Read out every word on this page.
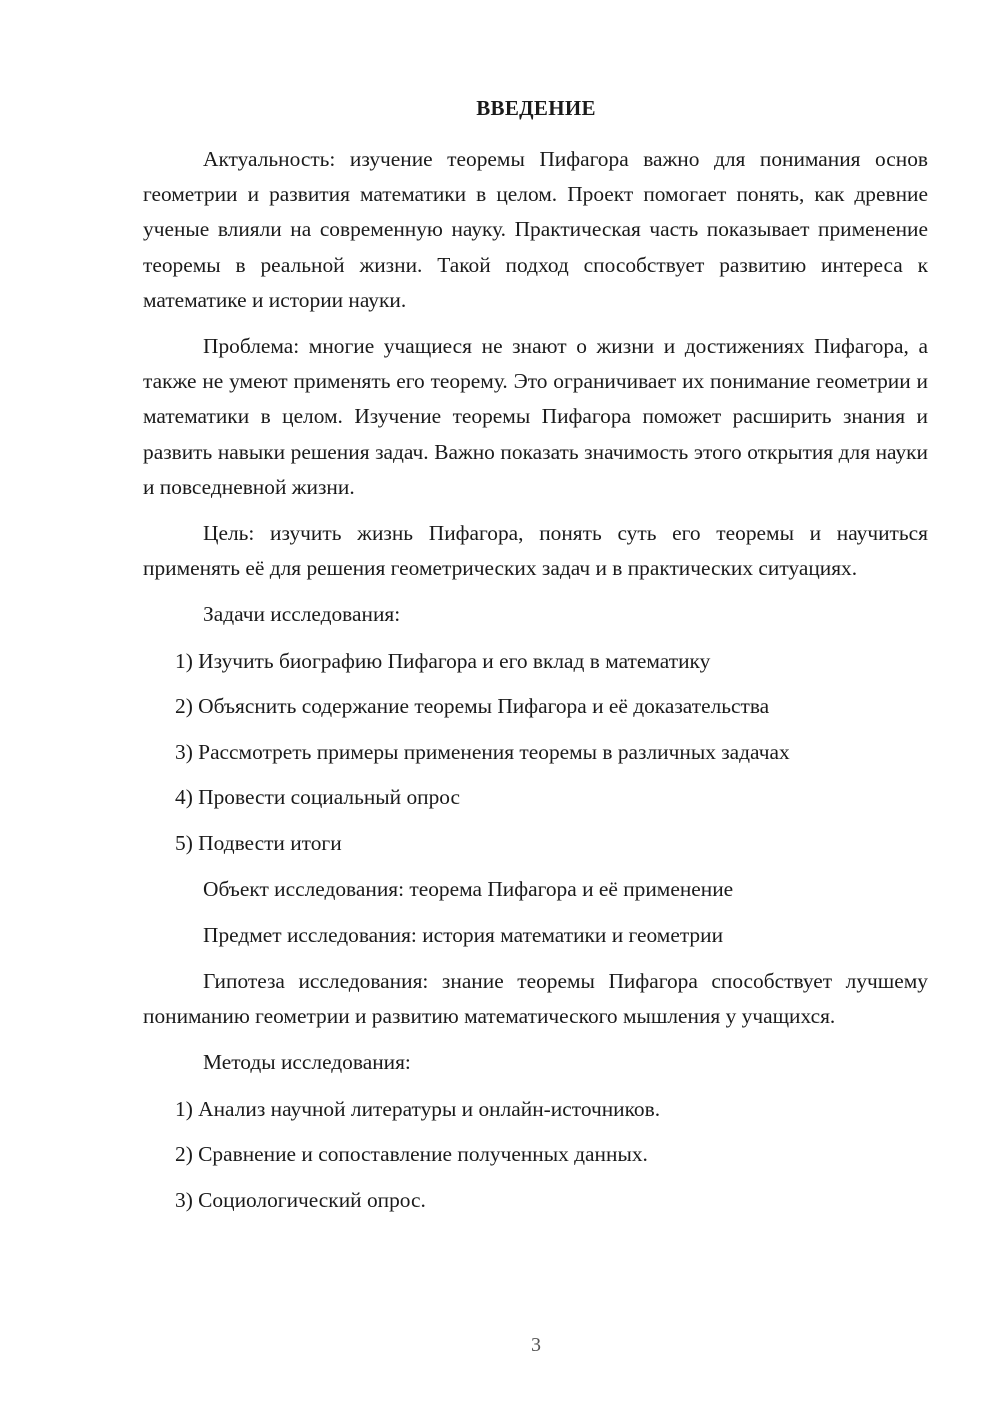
ВВЕДЕНИЕ

Актуальность: изучение теоремы Пифагора важно для понимания основ геометрии и развития математики в целом. Проект помогает понять, как древние ученые влияли на современную науку. Практическая часть показывает применение теоремы в реальной жизни. Такой подход способствует развитию интереса к математике и истории науки.

Проблема: многие учащиеся не знают о жизни и достижениях Пифагора, а также не умеют применять его теорему. Это ограничивает их понимание геометрии и математики в целом. Изучение теоремы Пифагора поможет расширить знания и развить навыки решения задач. Важно показать значимость этого открытия для науки и повседневной жизни.

Цель: изучить жизнь Пифагора, понять суть его теоремы и научиться применять её для решения геометрических задач и в практических ситуациях.

Задачи исследования:

1) Изучить биографию Пифагора и его вклад в математику

2) Объяснить содержание теоремы Пифагора и её доказательства

3) Рассмотреть примеры применения теоремы в различных задачах

4) Провести социальный опрос

5) Подвести итоги

Объект исследования: теорема Пифагора и её применение

Предмет исследования: история математики и геометрии

Гипотеза исследования: знание теоремы Пифагора способствует лучшему пониманию геометрии и развитию математического мышления у учащихся.

Методы исследования:

1) Анализ научной литературы и онлайн-источников.

2) Сравнение и сопоставление полученных данных.

3) Социологический опрос.

3
